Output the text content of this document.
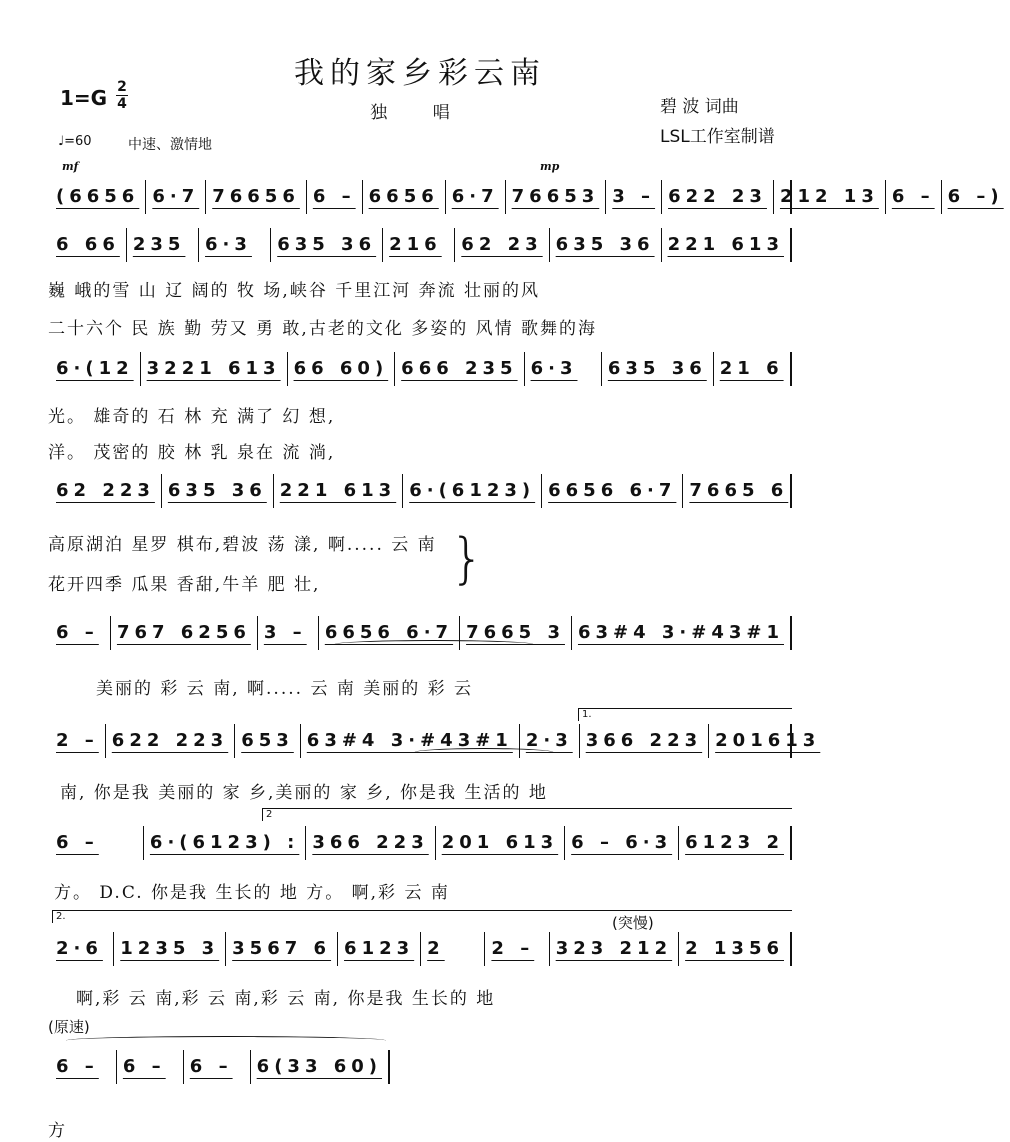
我的家乡彩云南
独 唱
1=G 2
4	碧 波 词曲
LSL工作室制谱
♩=60	中速、激情地
mf	mp
(6656 6·7 76656 6 – 6656 6·7 76653 3 – 622 23 212 13 6 – 6 –)
6 66 235	6·3	635 36 216	62 23 635 36 221 613
巍 峨的雪 山 辽 阔的 牧 场,峡谷 千里江河 奔流 壮丽的风
二十六个 民 族 勤 劳又 勇 敢,古老的文化 多姿的 风情 歌舞的海
6·(12 3221 613 66 60) 666 235 6·3	635 36 21 6
光。 雄奇的 石 林 充 满了 幻 想,
洋。 茂密的 胶 林 乳 泉在 流 淌,
62 223 635 36 221 613 6·(6123) 6656 6·7 7665 6
高原湖泊 星罗 棋布,碧波 荡 漾, 啊..... 云 南
花开四季 瓜果 香甜,牛羊 肥 壮,	}
6 –	767 6256 3 –	6656 6·7 7665 3 63#4 3·#43#1
美丽的 彩 云 南, 啊..... 云 南 美丽的 彩 云
1.
2 – 622 223 653 63#4 3·#43#1 2·3 366 223 201613
南, 你是我 美丽的 家 乡,美丽的 家 乡, 你是我 生活的 地
2
6 –	6·(6123) : 366 223 201 613 6 – 6·3 6123 2
方。 D.C. 你是我 生长的 地 方。 啊,彩 云 南
2.	(突慢)
2·6 1235 3 3567 6 6123 2	2 –	323 212 2 1356
啊,彩 云 南,彩 云 南,彩 云 南, 你是我 生长的 地
(原速)
6 –	6 –	6 –	6(33 60)
方
